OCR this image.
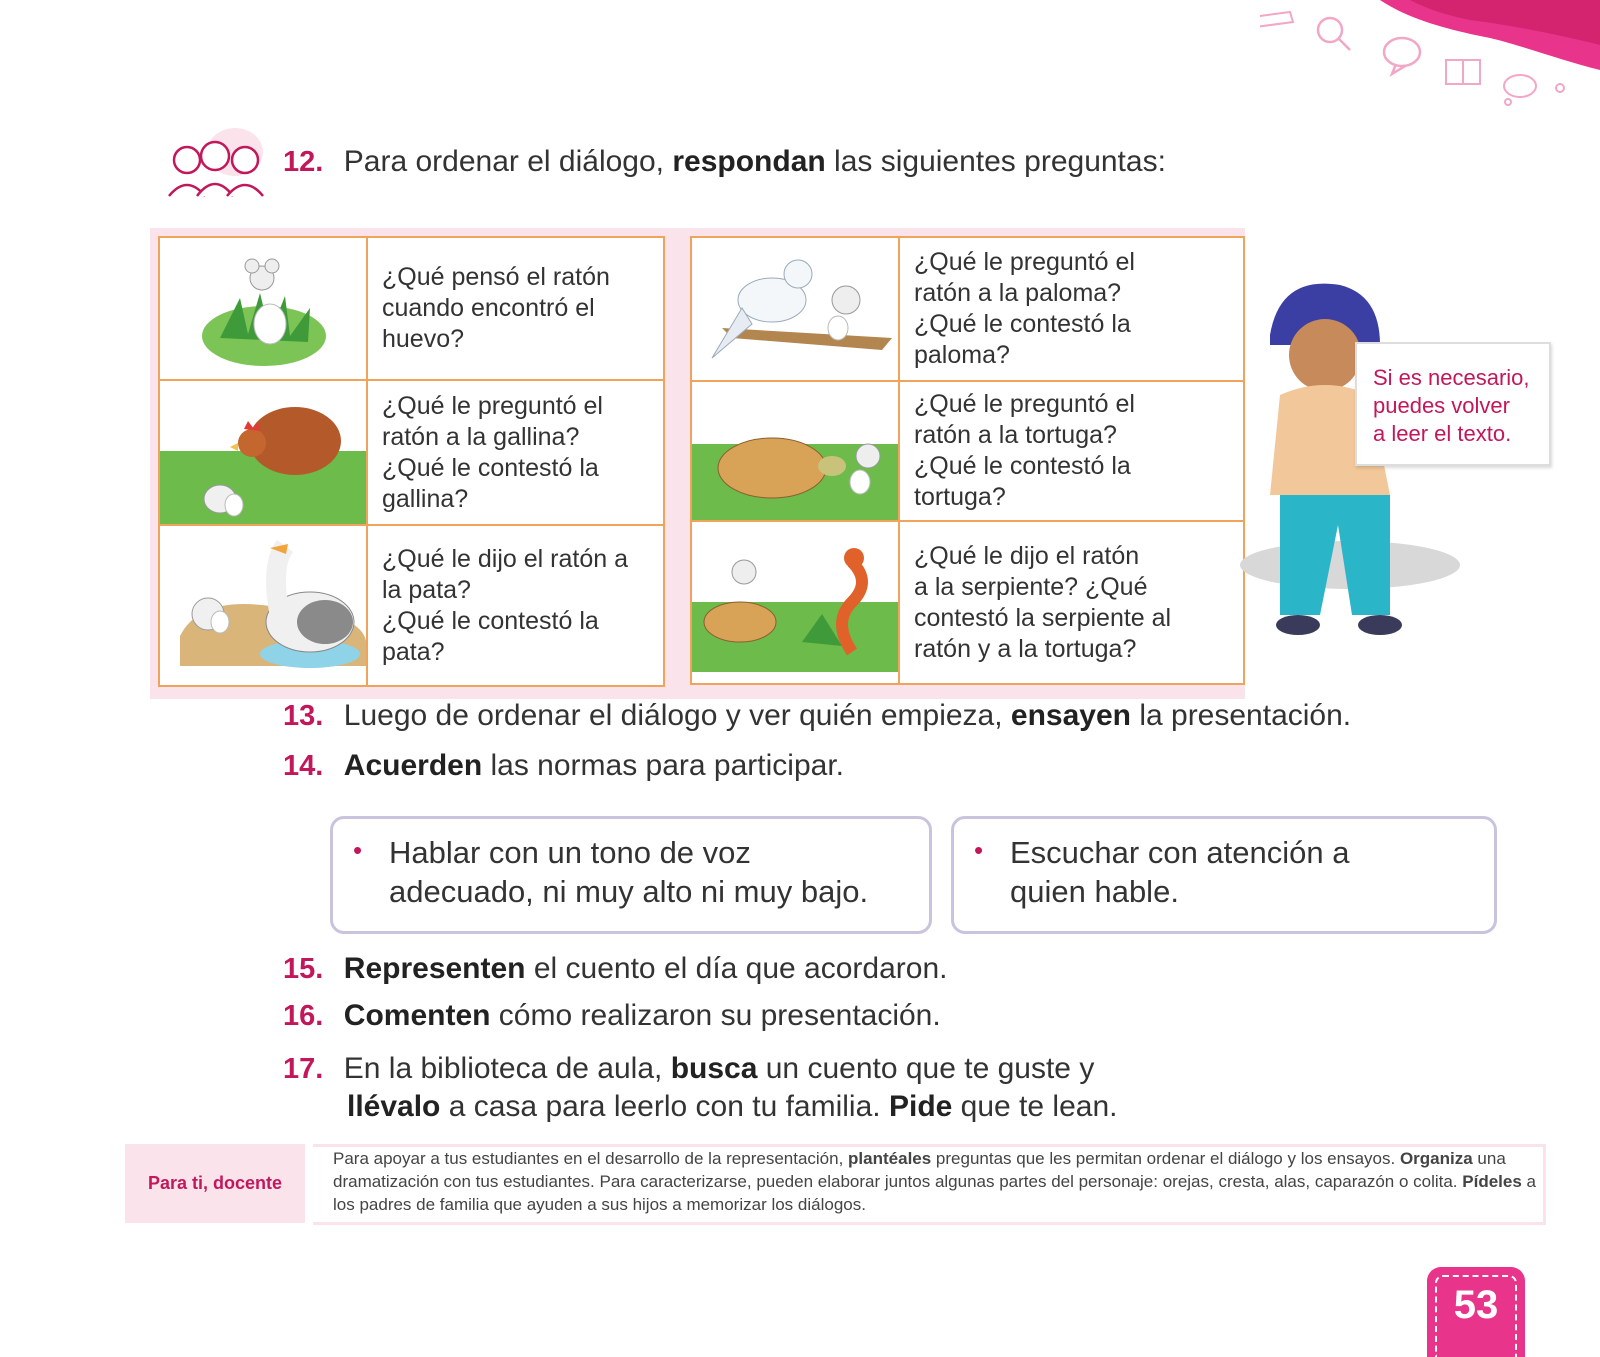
12. Para ordenar el diálogo, respondan las siguientes preguntas:
¿Qué pensó el ratón
cuando encontró el
huevo?
¿Qué le preguntó el
ratón a la gallina?
¿Qué le contestó la
gallina?
¿Qué le dijo el ratón a
la pata?
¿Qué le contestó la
pata?
¿Qué le preguntó el
ratón a la paloma?
¿Qué le contestó la
paloma?
¿Qué le preguntó el
ratón a la tortuga?
¿Qué le contestó la
tortuga?
¿Qué le dijo el ratón
a la serpiente? ¿Qué
contestó la serpiente al
ratón y a la tortuga?
Si es necesario,
puedes volver
a leer el texto.
13. Luego de ordenar el diálogo y ver quién empieza, ensayen la presentación.
14. Acuerden las normas para participar.
• Hablar con un tono de voz
adecuado, ni muy alto ni muy bajo.
• Escuchar con atención a
quien hable.
15. Representen el cuento el día que acordaron.
16. Comenten cómo realizaron su presentación.
17. En la biblioteca de aula, busca un cuento que te guste y
llévalo a casa para leerlo con tu familia. Pide que te lean.
Para ti, docente
Para apoyar a tus estudiantes en el desarrollo de la representación, plantéales preguntas que les permitan ordenar el diálogo y los ensayos. Organiza una dramatización con tus estudiantes. Para caracterizarse, pueden elaborar juntos algunas partes del personaje: orejas, cresta, alas, caparazón o colita. Pídeles a los padres de familia que ayuden a sus hijos a memorizar los diálogos.
53
